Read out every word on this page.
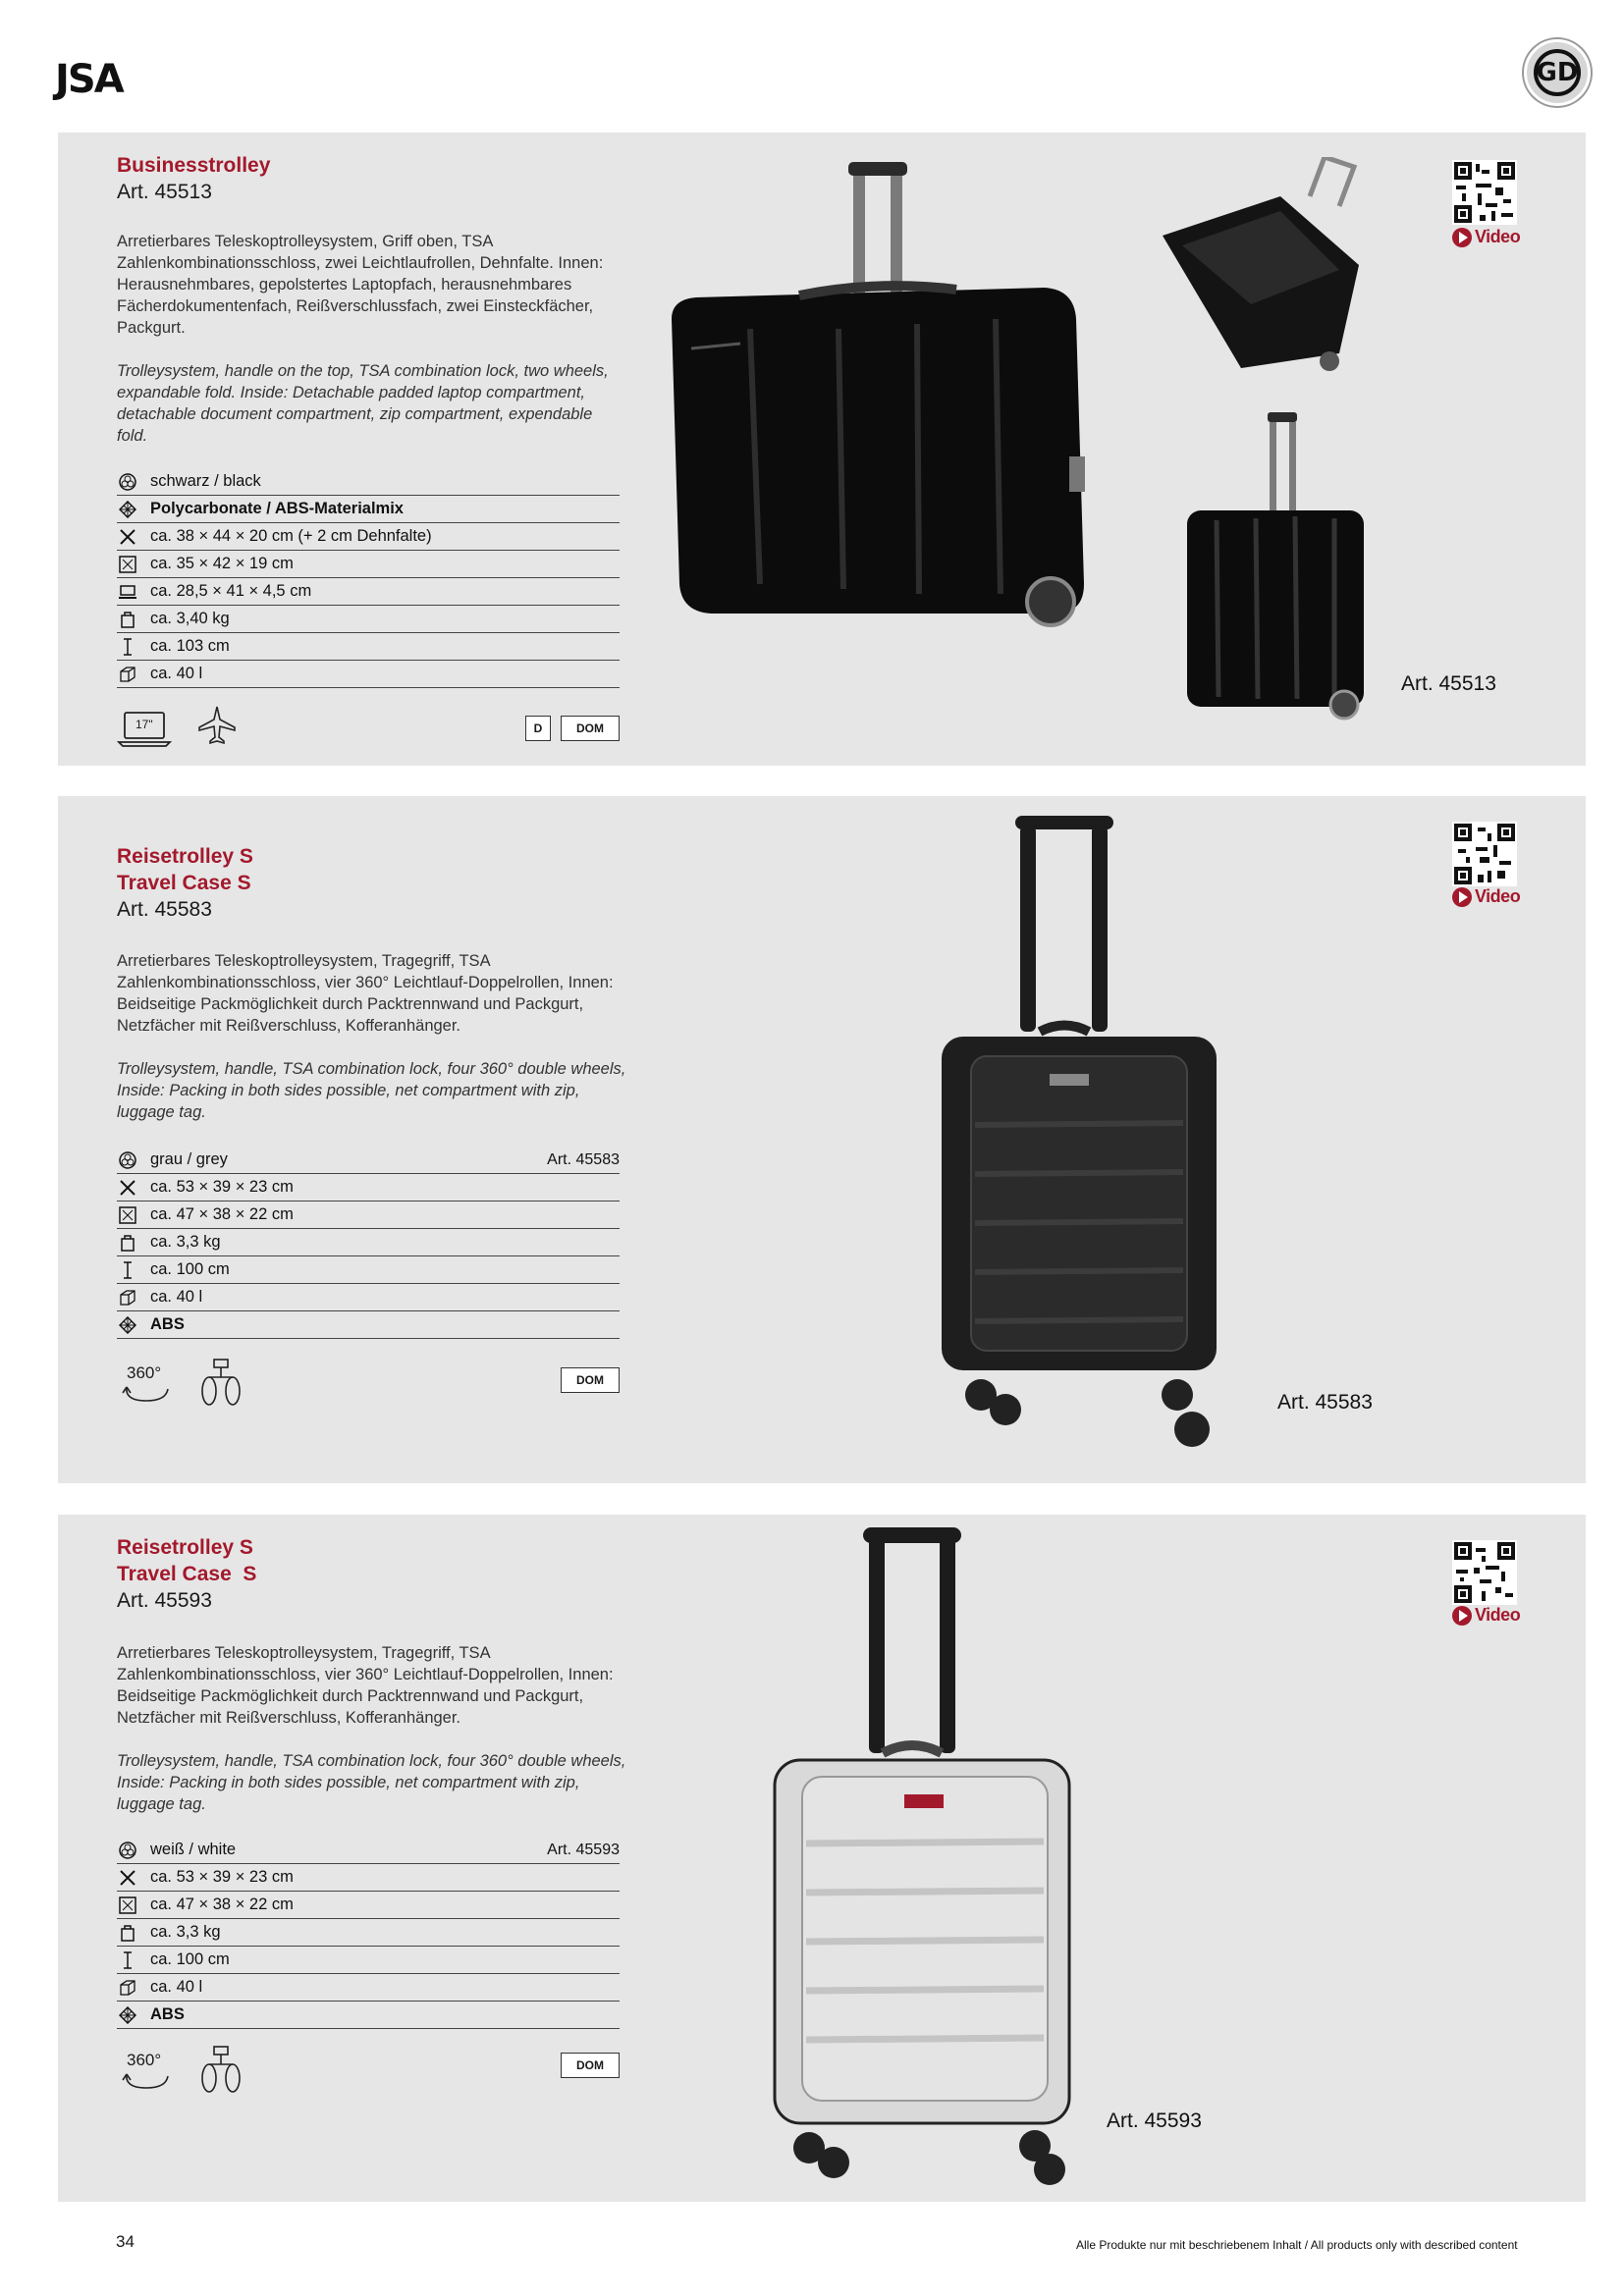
JSA	GD
Businesstrolley
Art. 45513
Arretierbares Teleskoptrolleysystem, Griff oben, TSA Zahlenkombinationsschloss, zwei Leichtlaufrollen, Dehnfalte. Innen: Herausnehmbares, gepolstertes Laptopfach, herausnehmbares Fächerdokumentenfach, Reißverschlussfach, zwei Einsteckfächer, Packgurt.
Trolleysystem, handle on the top, TSA combination lock, two wheels, expandable fold. Inside: Detachable padded laptop compartment, detachable document compartment, zip compartment, expendable fold.
schwarz / black
Polycarbonate / ABS-Materialmix
ca. 38 × 44 × 20 cm (+ 2 cm Dehnfalte)
ca. 35 × 42 × 19 cm
ca. 28,5 × 41 × 4,5 cm
ca. 3,40 kg
ca. 103 cm
ca. 40 l
17"	D	DOM
Art. 45513
Video
Reisetrolley S
Travel Case S
Art. 45583
Arretierbares Teleskoptrolleysystem, Tragegriff, TSA Zahlenkombinationsschloss, vier 360° Leichtlauf-Doppelrollen, Innen: Beidseitige Packmöglichkeit durch Packtrennwand und Packgurt, Netzfächer mit Reißverschluss, Kofferanhänger.
Trolleysystem, handle, TSA combination lock, four 360° double wheels, Inside: Packing in both sides possible, net compartment with zip, luggage tag.
grau / grey	Art. 45583
ca. 53 × 39 × 23 cm
ca. 47 × 38 × 22 cm
ca. 3,3 kg
ca. 100 cm
ca. 40 l
ABS
360°	DOM
Art. 45583
Video
Reisetrolley S
Travel Case  S
Art. 45593
Arretierbares Teleskoptrolleysystem, Tragegriff, TSA Zahlenkombinationsschloss, vier 360° Leichtlauf-Doppelrollen, Innen: Beidseitige Packmöglichkeit durch Packtrennwand und Packgurt, Netzfächer mit Reißverschluss, Kofferanhänger.
Trolleysystem, handle, TSA combination lock, four 360° double wheels, Inside: Packing in both sides possible, net compartment with zip, luggage tag.
weiß / white	Art. 45593
ca. 53 × 39 × 23 cm
ca. 47 × 38 × 22 cm
ca. 3,3 kg
ca. 100 cm
ca. 40 l
ABS
360°	DOM
Art. 45593
Video
34	Alle Produkte nur mit beschriebenem Inhalt / All products only with described content
